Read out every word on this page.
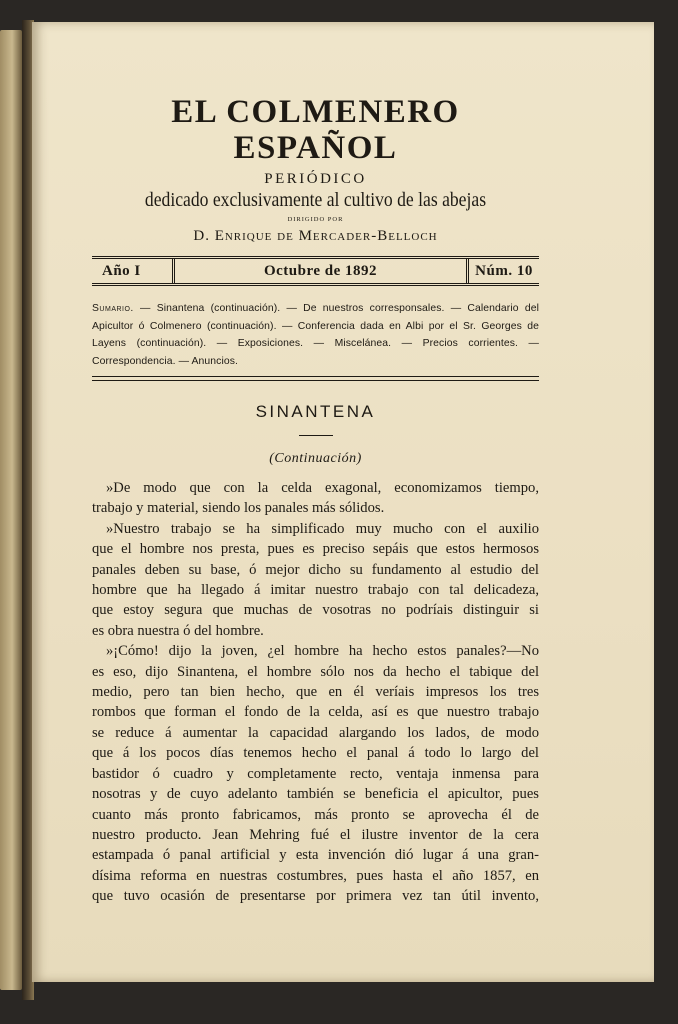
EL COLMENERO ESPAÑOL
PERIÓDICO
dedicado exclusivamente al cultivo de las abejas
DIRIGIDO POR
D. Enrique de Mercader-Belloch
Año I	Octubre de 1892	Núm. 10
Sumario. — Sinantena (continuación). — De nuestros corresponsales. — Calendario del Apicultor ó Colmenero (continuación). — Conferencia dada en Albi por el Sr. Georges de Layens (continuación). — Exposiciones. — Miscelánea. — Precios corrientes. — Correspondencia. — Anuncios.
SINANTENA
(Continuación)
»De modo que con la celda exagonal, economizamos tiempo,
trabajo y material, siendo los panales más sólidos.
»Nuestro trabajo se ha simplificado muy mucho con el auxilio
que el hombre nos presta, pues es preciso sepáis que estos hermosos
panales deben su base, ó mejor dicho su fundamento al estudio del
hombre que ha llegado á imitar nuestro trabajo con tal delicadeza,
que estoy segura que muchas de vosotras no podríais distinguir si
es obra nuestra ó del hombre.
»¡Cómo! dijo la joven, ¿el hombre ha hecho estos panales?—No
es eso, dijo Sinantena, el hombre sólo nos da hecho el tabique del
medio, pero tan bien hecho, que en él veríais impresos los tres
rombos que forman el fondo de la celda, así es que nuestro trabajo
se reduce á aumentar la capacidad alargando los lados, de modo
que á los pocos días tenemos hecho el panal á todo lo largo del
bastidor ó cuadro y completamente recto, ventaja inmensa para
nosotras y de cuyo adelanto también se beneficia el apicultor, pues
cuanto más pronto fabricamos, más pronto se aprovecha él de
nuestro producto. Jean Mehring fué el ilustre inventor de la cera
estampada ó panal artificial y esta invención dió lugar á una gran-
dísima reforma en nuestras costumbres, pues hasta el año 1857, en
que tuvo ocasión de presentarse por primera vez tan útil invento,
